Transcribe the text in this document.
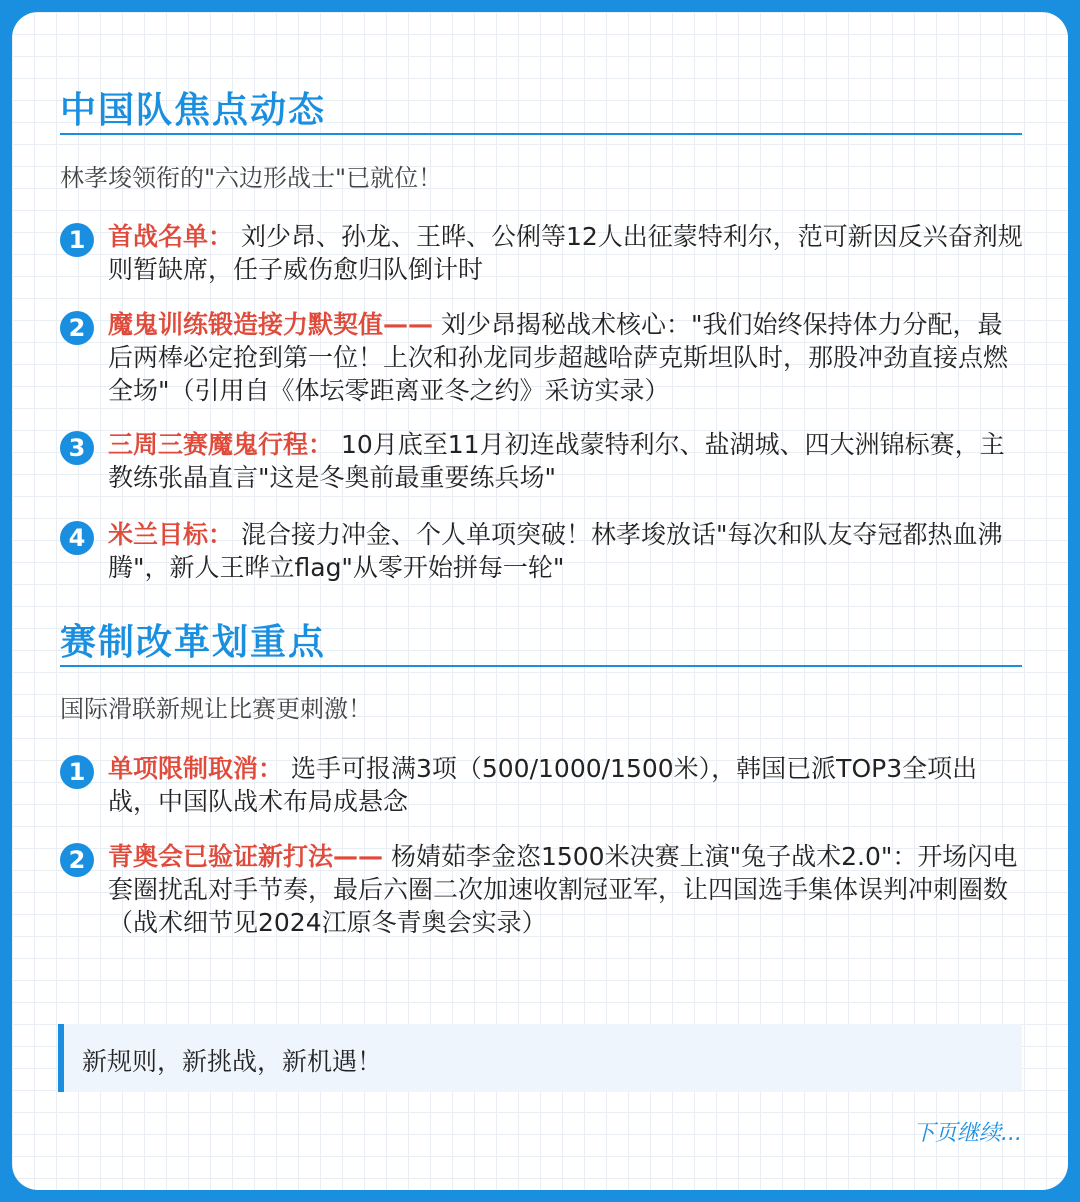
中国队焦点动态
林孝埈领衔的"六边形战士"已就位！
1 首战名单： 刘少昂、孙龙、王晔、公俐等12人出征蒙特利尔，范可新因反兴奋剂规则暂缺席，任子威伤愈归队倒计时
2 魔鬼训练锻造接力默契值—— 刘少昂揭秘战术核心："我们始终保持体力分配，最后两棒必定抢到第一位！上次和孙龙同步超越哈萨克斯坦队时，那股冲劲直接点燃全场"（引用自《体坛零距离亚冬之约》采访实录）
3 三周三赛魔鬼行程： 10月底至11月初连战蒙特利尔、盐湖城、四大洲锦标赛，主教练张晶直言"这是冬奥前最重要练兵场"
4 米兰目标： 混合接力冲金、个人单项突破！林孝埈放话"每次和队友夺冠都热血沸腾"，新人王晔立flag"从零开始拼每一轮"
赛制改革划重点
国际滑联新规让比赛更刺激！
1 单项限制取消： 选手可报满3项（500/1000/1500米），韩国已派TOP3全项出战，中国队战术布局成悬念
2 青奥会已验证新打法—— 杨婧茹李金恣1500米决赛上演"兔子战术2.0"：开场闪电套圈扰乱对手节奏，最后六圈二次加速收割冠亚军，让四国选手集体误判冲刺圈数（战术细节见2024江原冬青奥会实录）
新规则，新挑战，新机遇！
下页继续...
